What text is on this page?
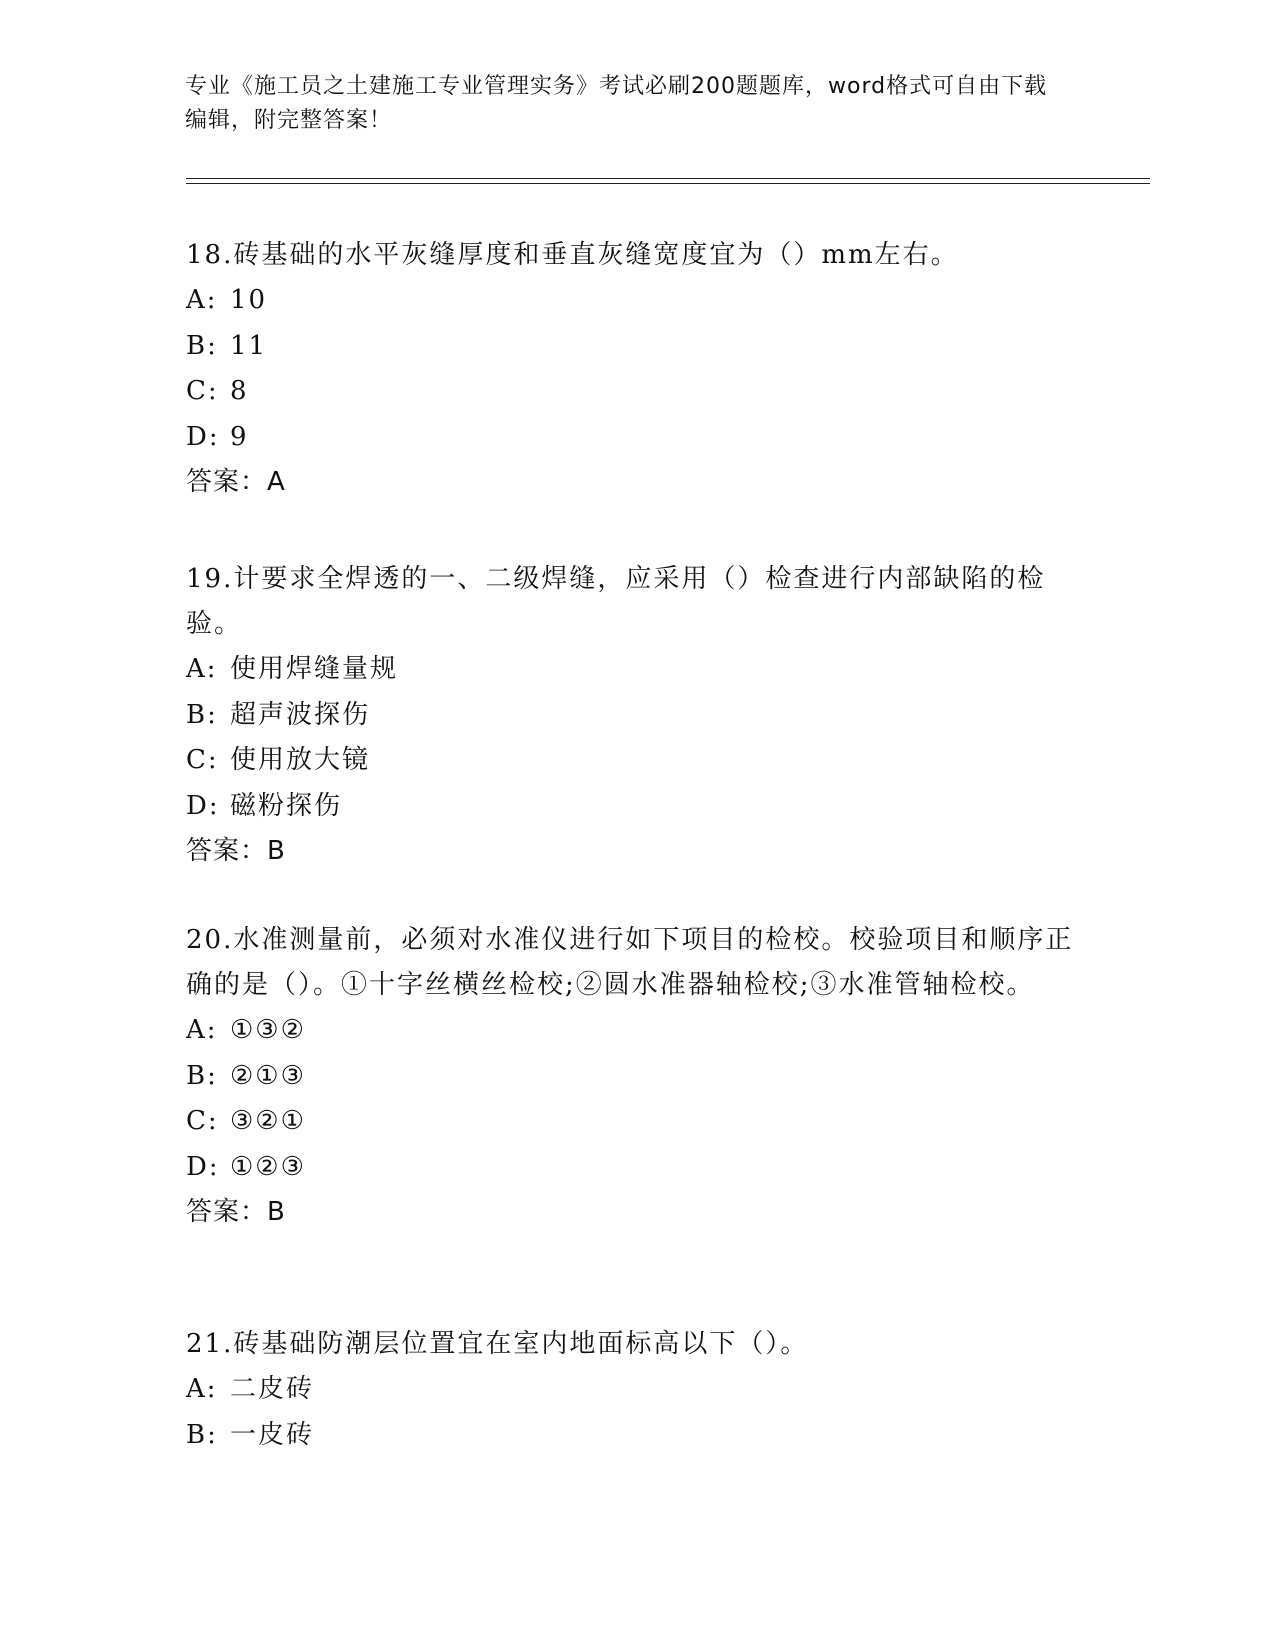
专业《施工员之土建施工专业管理实务》考试必刷200题题库，word格式可自由下载编辑，附完整答案！

18.砖基础的水平灰缝厚度和垂直灰缝宽度宜为（）mm左右。

A: 10

B: 11

C: 8

D: 9

答案：A

19.计要求全焊透的一、二级焊缝，应采用（）检查进行内部缺陷的检验。

A: 使用焊缝量规

B: 超声波探伤

C: 使用放大镜

D: 磁粉探伤

答案：B

20.水准测量前，必须对水准仪进行如下项目的检校。校验项目和顺序正确的是（）。①十字丝横丝检校;②圆水准器轴检校;③水准管轴检校。

A: ①③②

B: ②①③

C: ③②①

D: ①②③

答案：B

21.砖基础防潮层位置宜在室内地面标高以下（）。

A: 二皮砖

B: 一皮砖
